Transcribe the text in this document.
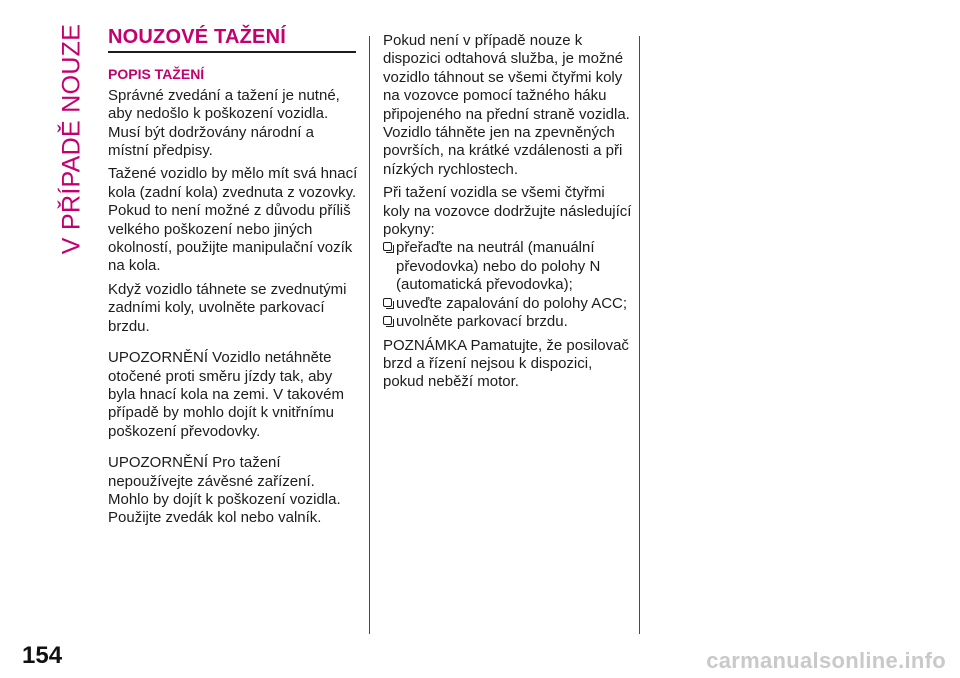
V PŘÍPADĚ NOUZE NOUZOVÉ TAŽENÍ
POPIS TAŽENÍ

Správné zvedání a tažení je nutné, aby nedošlo k poškození vozidla. Musí být dodržovány národní a místní předpisy.

Tažené vozidlo by mělo mít svá hnací kola (zadní kola) zvednuta z vozovky. Pokud to není možné z důvodu příliš velkého poškození nebo jiných okolností, použijte manipulační vozík na kola.

Když vozidlo táhnete se zvednutými zadními koly, uvolněte parkovací brzdu.

UPOZORNĚNÍ Vozidlo netáhněte otočené proti směru jízdy tak, aby byla hnací kola na zemi. V takovém případě by mohlo dojít k vnitřnímu poškození převodovky.

UPOZORNĚNÍ Pro tažení nepoužívejte závěsné zařízení. Mohlo by dojít k poškození vozidla. Použijte zvedák kol nebo valník.

Pokud není v případě nouze k dispozici odtahová služba, je možné vozidlo táhnout se všemi čtyřmi koly na vozovce pomocí tažného háku připojeného na přední straně vozidla. Vozidlo táhněte jen na zpevněných površích, na krátké vzdálenosti a při nízkých rychlostech.

Při tažení vozidla se všemi čtyřmi koly na vozovce dodržujte následující pokyny:

přeřaďte na neutrál (manuální převodovka) nebo do polohy N (automatická převodovka);
uveďte zapalování do polohy ACC;
uvolněte parkovací brzdu.

POZNÁMKA Pamatujte, že posilovač brzd a řízení nejsou k dispozici, pokud neběží motor.

154	carmanualsonline.info
